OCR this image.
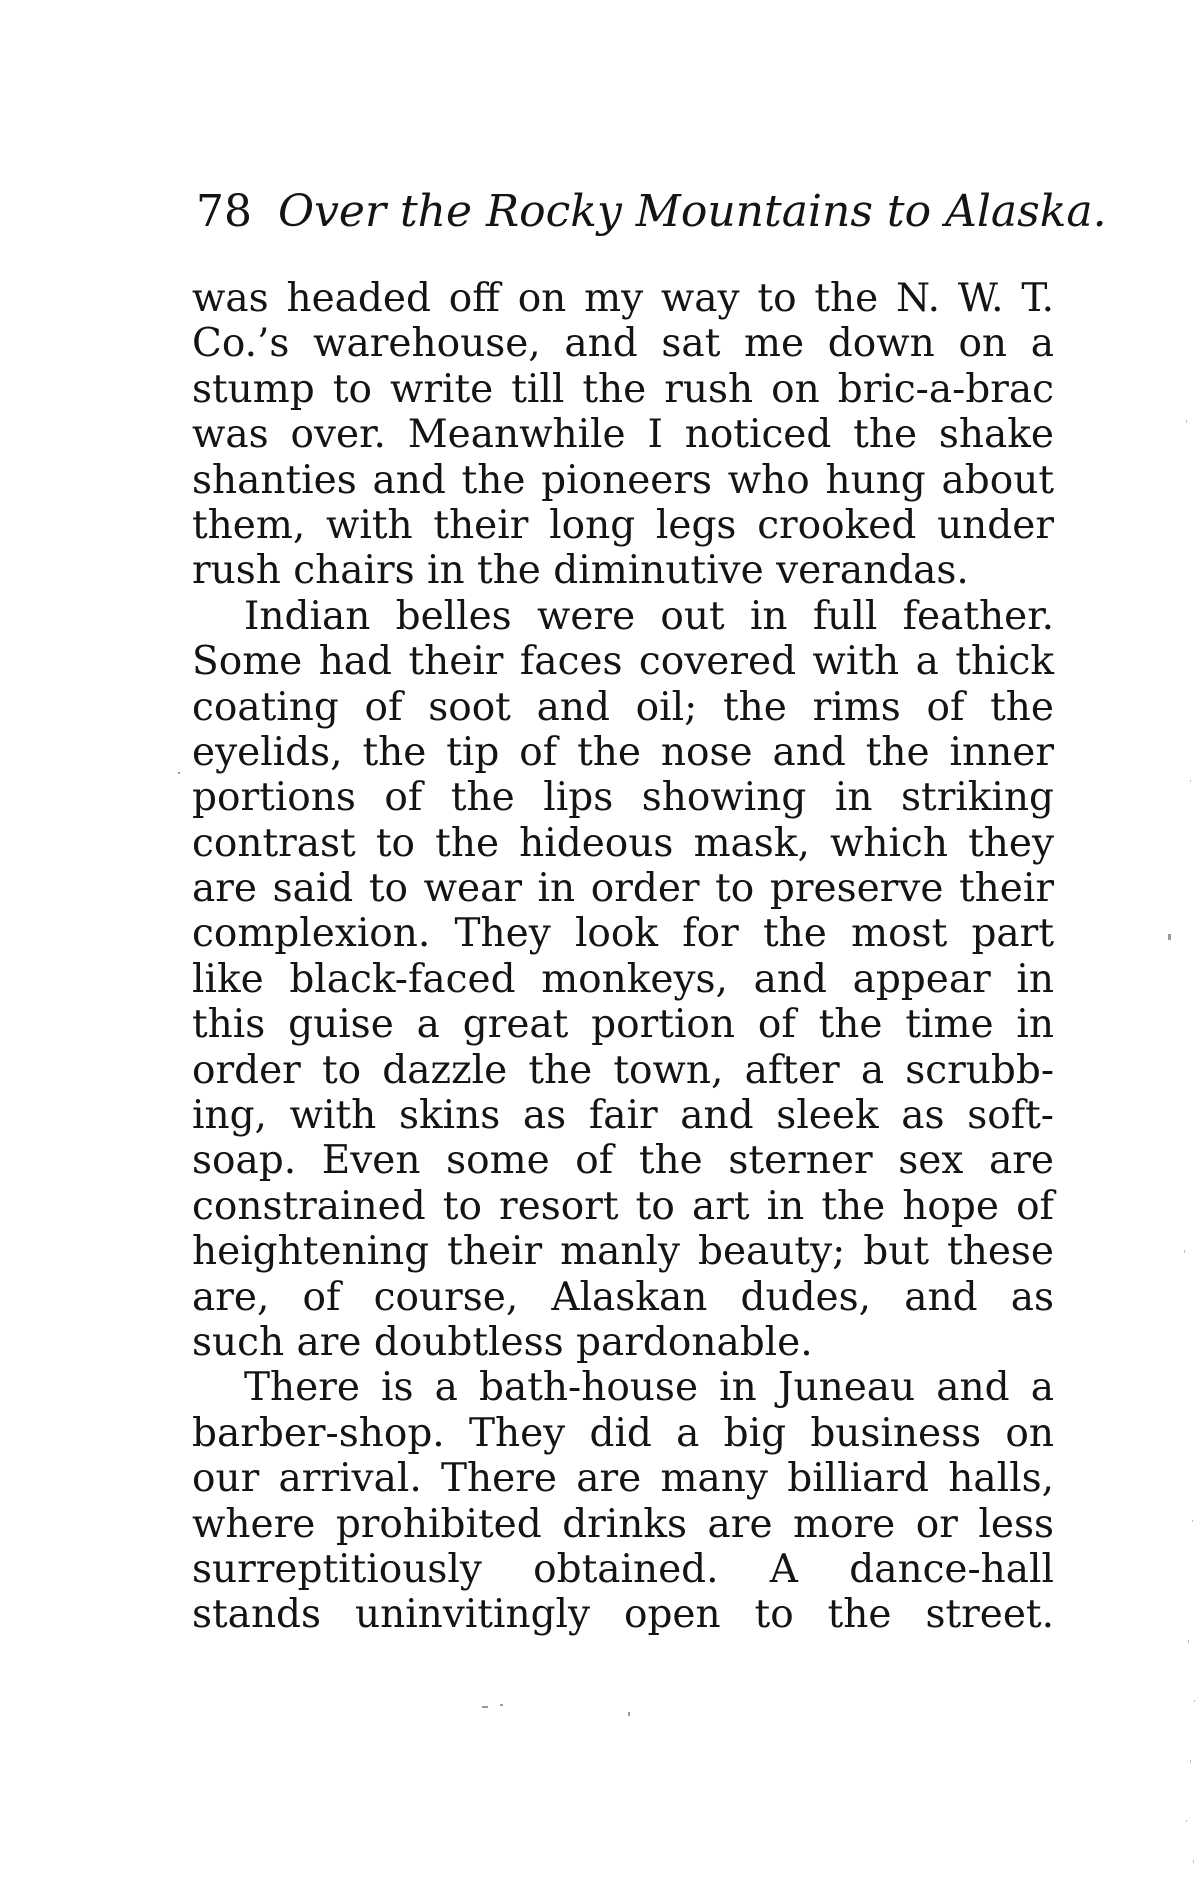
78 Over the Rocky Mountains to Alaska.
was headed off on my way to the N. W. T.
Co.’s warehouse, and sat me down on a
stump to write till the rush on bric-a-brac
was over. Meanwhile I noticed the shake
shanties and the pioneers who hung about
them, with their long legs crooked under
rush chairs in the diminutive verandas.
Indian belles were out in full feather.
Some had their faces covered with a thick
coating of soot and oil; the rims of the
eyelids, the tip of the nose and the inner
portions of the lips showing in striking
contrast to the hideous mask, which they
are said to wear in order to preserve their
complexion. They look for the most part
like black-faced monkeys, and appear in
this guise a great portion of the time in
order to dazzle the town, after a scrubb-
ing, with skins as fair and sleek as soft-
soap. Even some of the sterner sex are
constrained to resort to art in the hope of
heightening their manly beauty; but these
are, of course, Alaskan dudes, and as
such are doubtless pardonable.
There is a bath-house in Juneau and a
barber-shop. They did a big business on
our arrival. There are many billiard halls,
where prohibited drinks are more or less
surreptitiously obtained. A dance-hall
stands uninvitingly open to the street.
